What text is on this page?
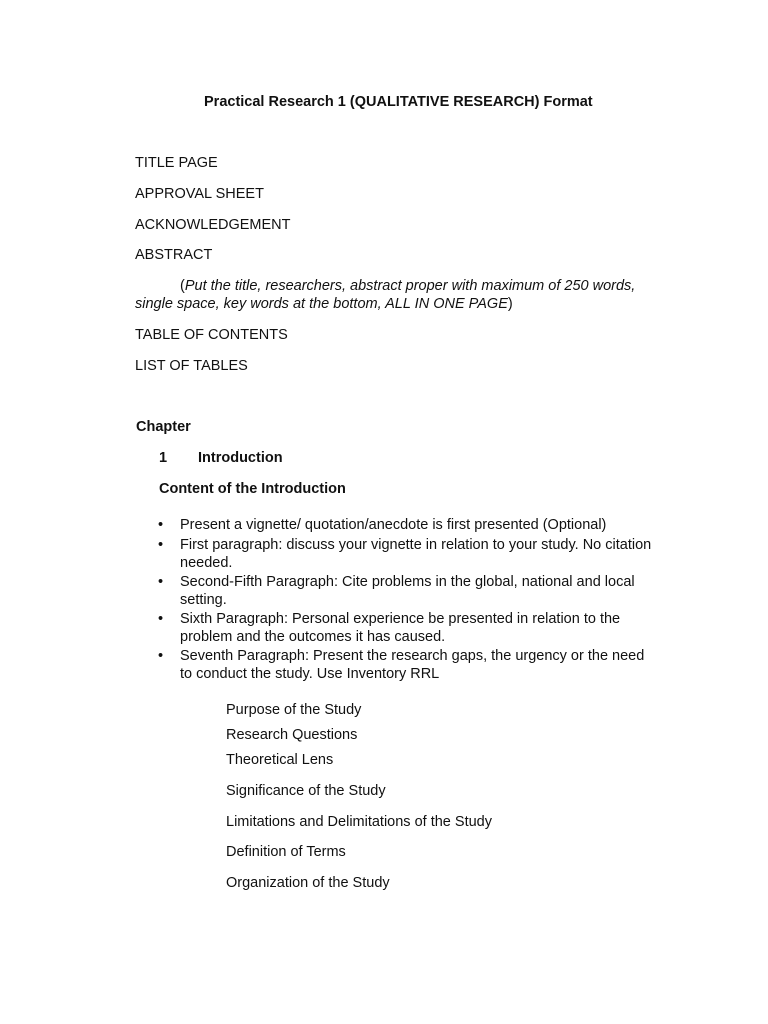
Practical Research 1 (QUALITATIVE RESEARCH) Format
TITLE PAGE
APPROVAL SHEET
ACKNOWLEDGEMENT
ABSTRACT
(Put the title, researchers, abstract proper with maximum of 250 words,
single space, key words at the bottom, ALL IN ONE PAGE)
TABLE OF CONTENTS
LIST OF TABLES
Chapter
1 Introduction
Content of the Introduction
• Present a vignette/ quotation/anecdote is first presented (Optional)
• First paragraph: discuss your vignette in relation to your study. No citation
needed.
• Second-Fifth Paragraph: Cite problems in the global, national and local
setting.
• Sixth Paragraph: Personal experience be presented in relation to the
problem and the outcomes it has caused.
• Seventh Paragraph: Present the research gaps, the urgency or the need
to conduct the study. Use Inventory RRL
Purpose of the Study
Research Questions
Theoretical Lens
Significance of the Study
Limitations and Delimitations of the Study
Definition of Terms
Organization of the Study
